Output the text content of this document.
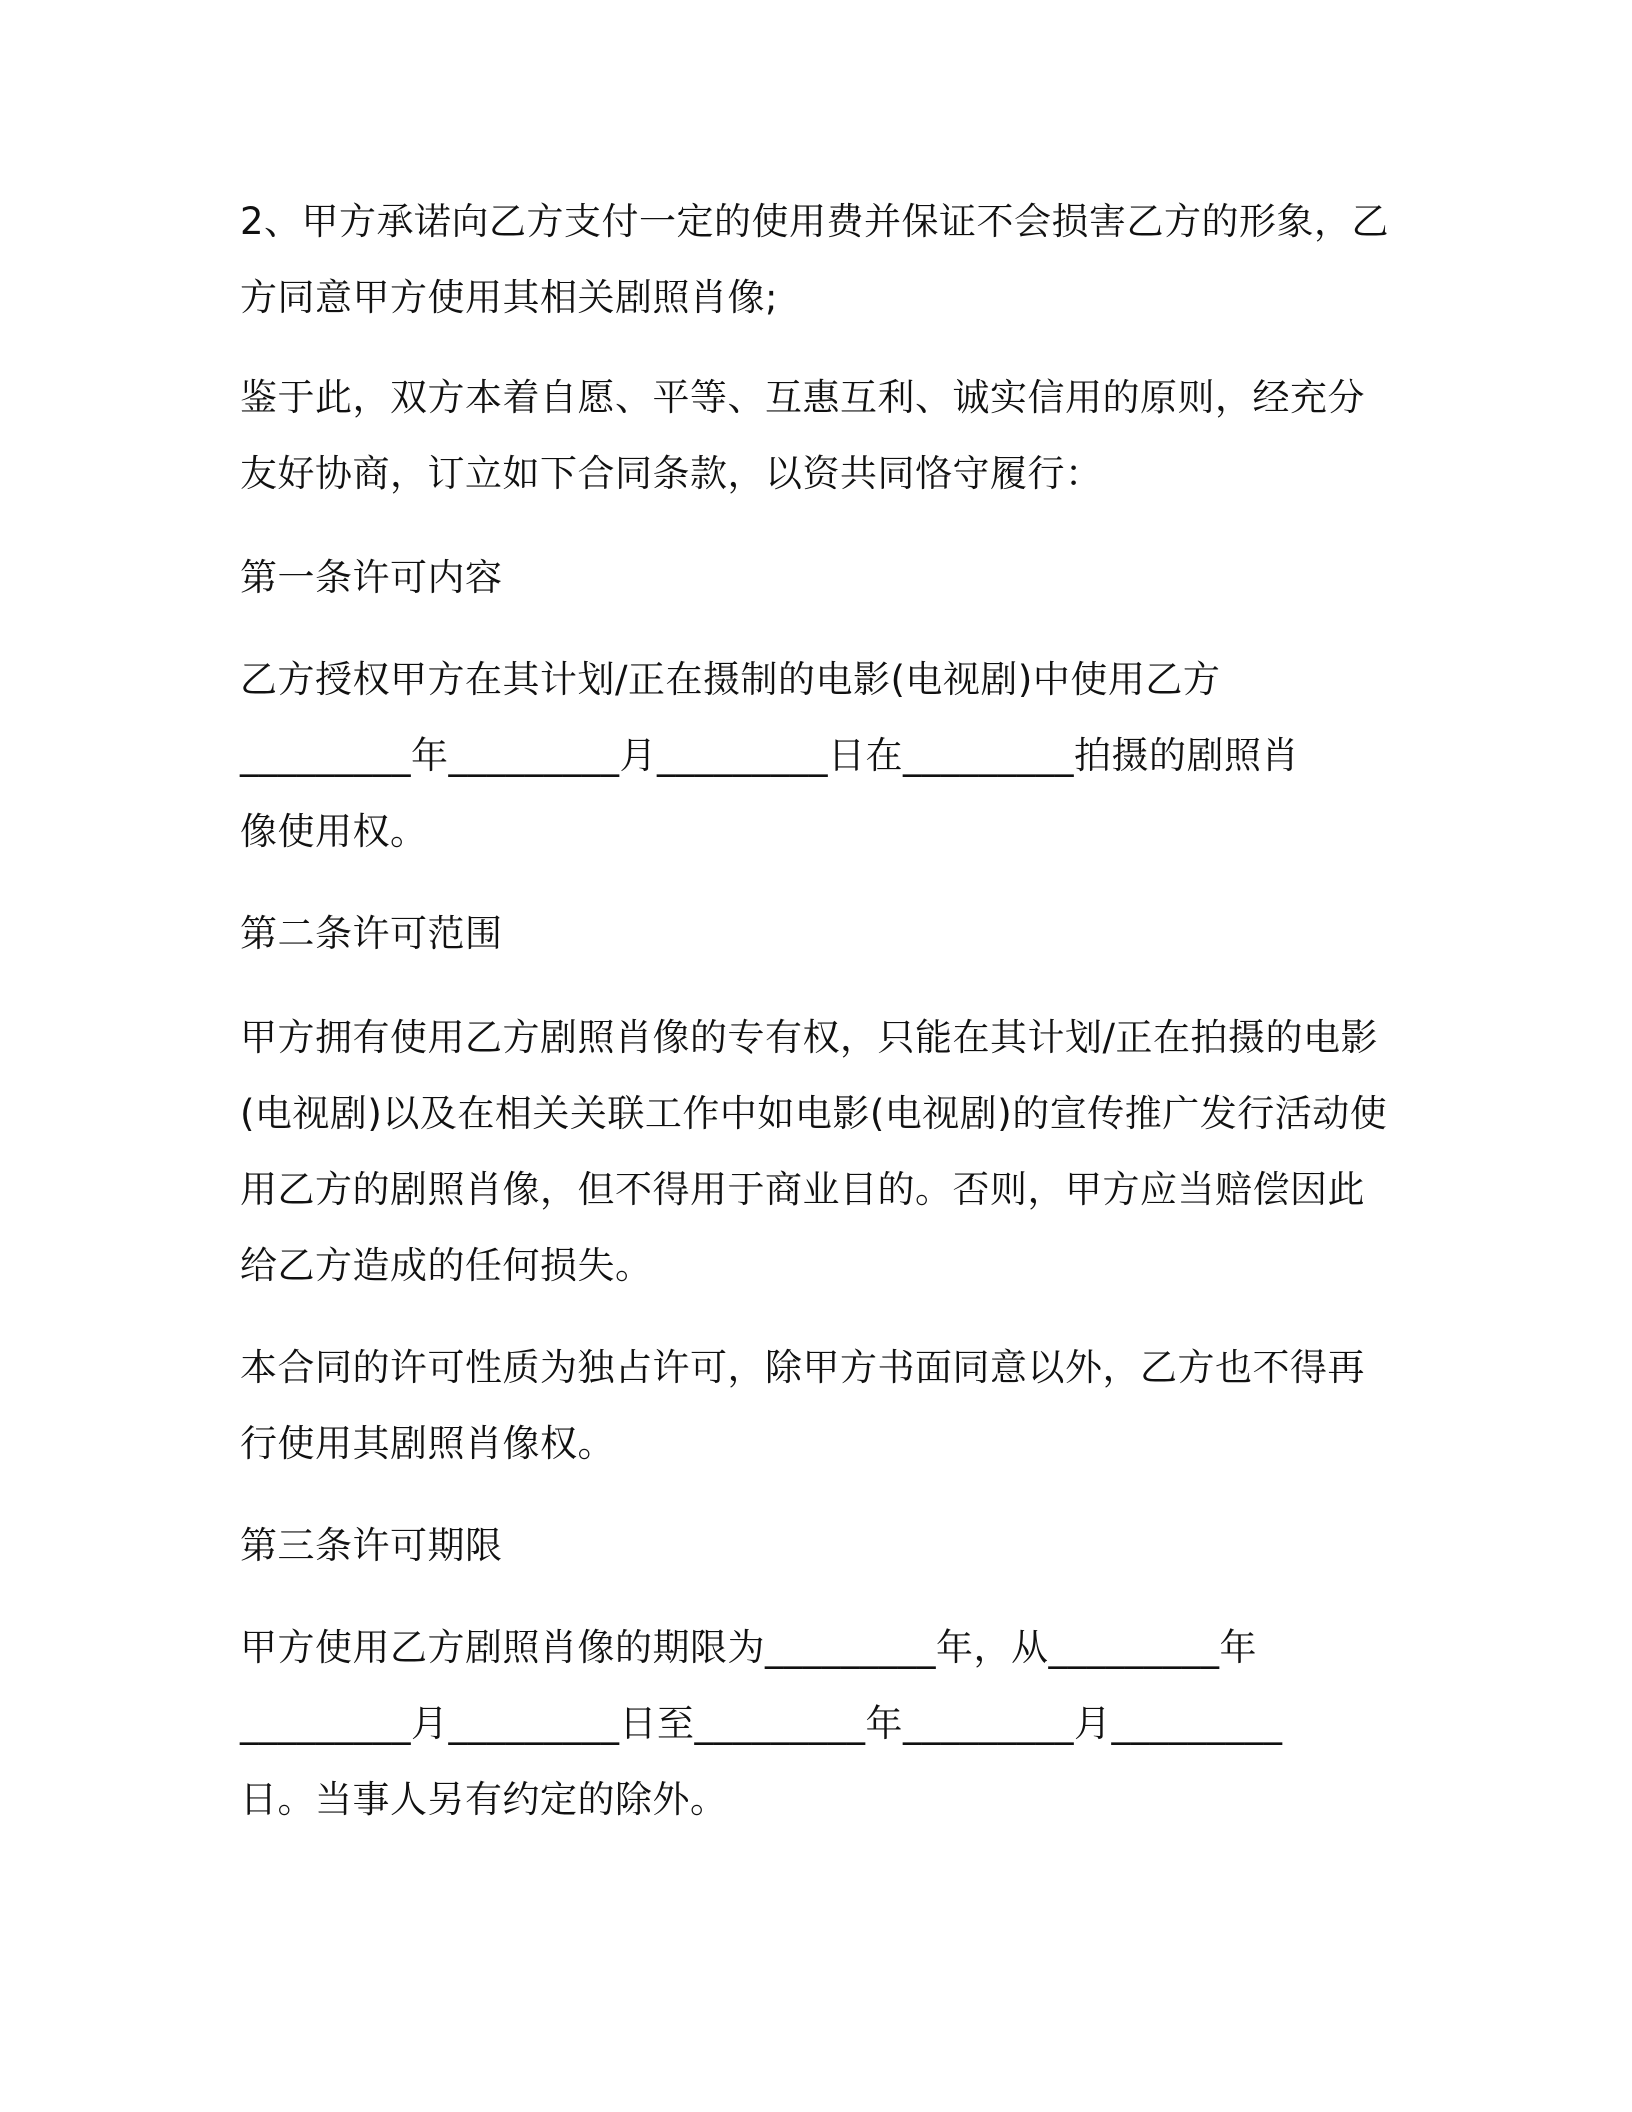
2、甲方承诺向乙方支付一定的使用费并保证不会损害乙方的形象，乙
方同意甲方使用其相关剧照肖像;
鉴于此，双方本着自愿、平等、互惠互利、诚实信用的原则，经充分
友好协商，订立如下合同条款，以资共同恪守履行：
第一条许可内容
乙方授权甲方在其计划/正在摄制的电影(电视剧)中使用乙方
_________年_________月_________日在_________拍摄的剧照肖
像使用权。
第二条许可范围
甲方拥有使用乙方剧照肖像的专有权，只能在其计划/正在拍摄的电影
(电视剧)以及在相关关联工作中如电影(电视剧)的宣传推广发行活动使
用乙方的剧照肖像，但不得用于商业目的。否则，甲方应当赔偿因此
给乙方造成的任何损失。
本合同的许可性质为独占许可，除甲方书面同意以外，乙方也不得再
行使用其剧照肖像权。
第三条许可期限
甲方使用乙方剧照肖像的期限为_________年，从_________年
_________月_________日至_________年_________月_________
日。当事人另有约定的除外。
